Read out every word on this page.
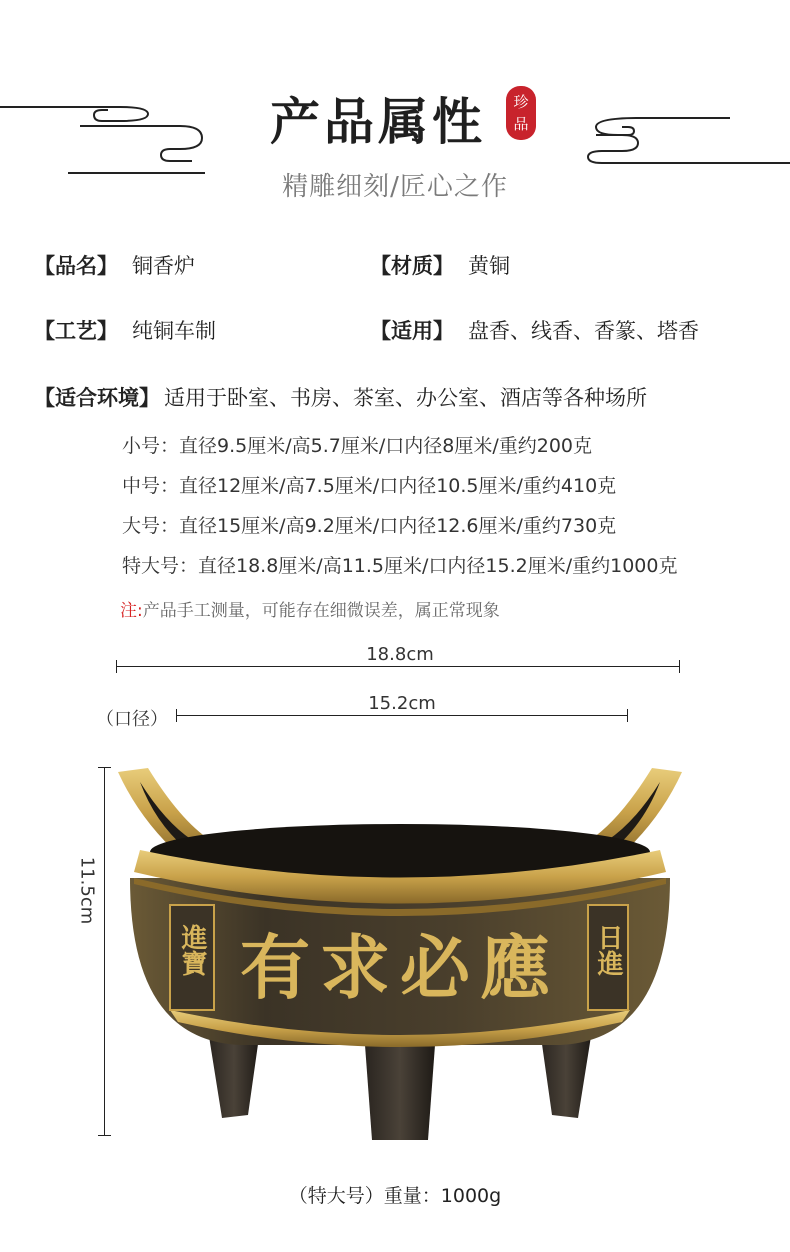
产品属性 珍品
精雕细刻/匠心之作
【品名】 铜香炉	【材质】 黄铜
【工艺】 纯铜车制	【适用】 盘香、线香、香篆、塔香
【适合环境】 适用于卧室、书房、茶室、办公室、酒店等各种场所
小号：直径9.5厘米/高5.7厘米/口内径8厘米/重约200克
中号：直径12厘米/高7.5厘米/口内径10.5厘米/重约410克
大号：直径15厘米/高9.2厘米/口内径12.6厘米/重约730克
特大号：直径18.8厘米/高11.5厘米/口内径15.2厘米/重约1000克
注:产品手工测量，可能存在细微误差，属正常现象
18.8cm
（口径）
15.2cm
11.5cm
有求必應
進寶	日進
（特大号）重量：1000g
